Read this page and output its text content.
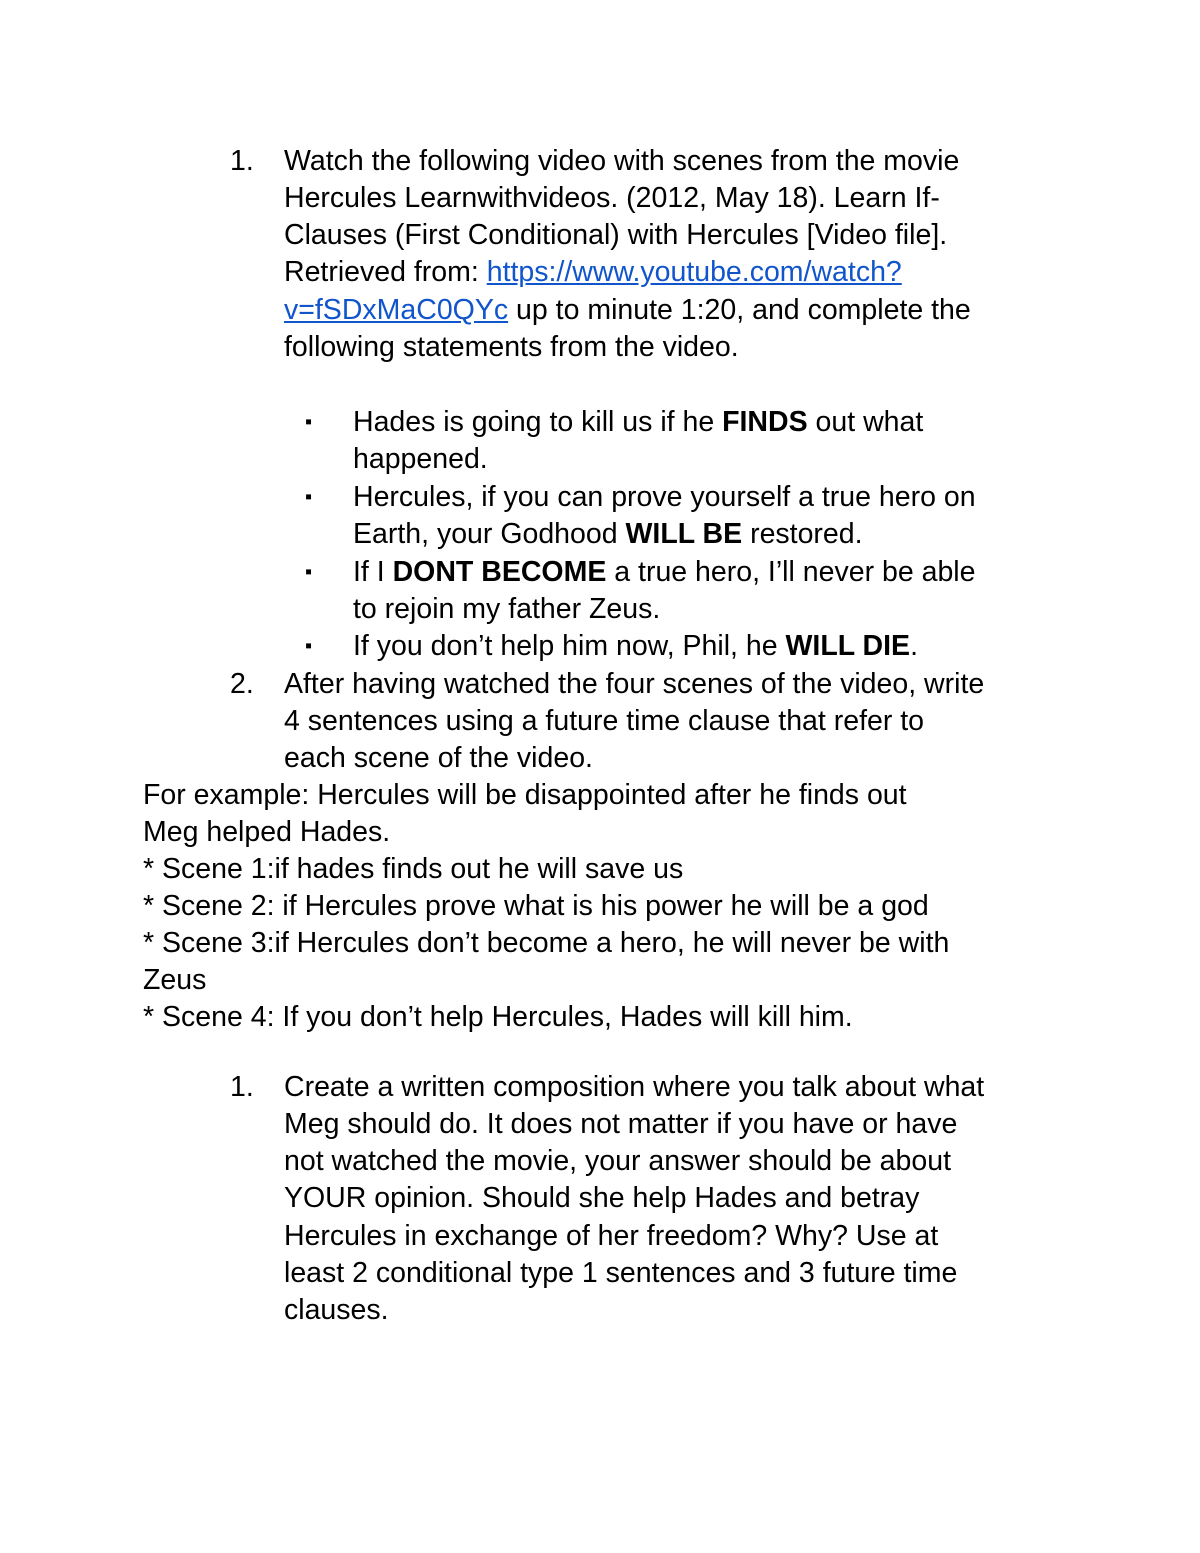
1. Watch the following video with scenes from the movie
Hercules Learnwithvideos. (2012, May 18). Learn If-
Clauses (First Conditional) with Hercules [Video file].
Retrieved from: https://www.youtube.com/watch?
v=fSDxMaC0QYc up to minute 1:20, and complete the
following statements from the video.
▪ Hades is going to kill us if he FINDS out what
happened.
▪ Hercules, if you can prove yourself a true hero on
Earth, your Godhood WILL BE restored.
▪ If I DONT BECOME a true hero, I’ll never be able
to rejoin my father Zeus.
▪ If you don’t help him now, Phil, he WILL DIE.
2. After having watched the four scenes of the video, write
4 sentences using a future time clause that refer to
each scene of the video.
For example: Hercules will be disappointed after he finds out
Meg helped Hades.
* Scene 1:if hades finds out he will save us
* Scene 2: if Hercules prove what is his power he will be a god
* Scene 3:if Hercules don’t become a hero, he will never be with
Zeus
* Scene 4: If you don’t help Hercules, Hades will kill him.
1. Create a written composition where you talk about what
Meg should do. It does not matter if you have or have
not watched the movie, your answer should be about
YOUR opinion. Should she help Hades and betray
Hercules in exchange of her freedom? Why? Use at
least 2 conditional type 1 sentences and 3 future time
clauses.
